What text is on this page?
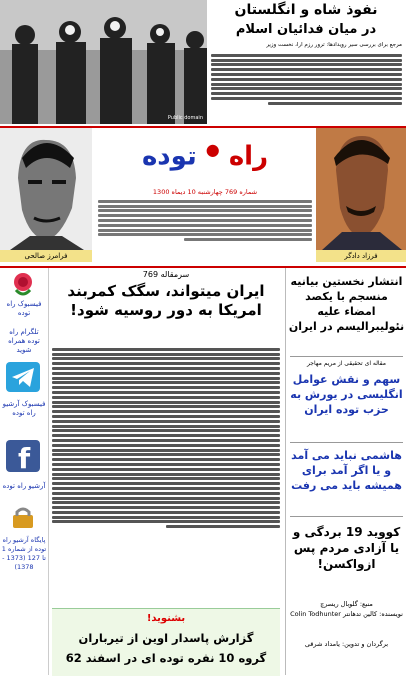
Public domain
نفوذ شاه و انگلستان
در میان فدائیان اسلام
مرجع برای بررسی سیر رویدادها: ترور رزم آرا، نخست وزیر
فرامرز صالحی
راه ● توده
شماره 769 چهارشنبه 10 دیماه 1300
فرزاد دادگر
فیسبوک راه توده
تلگرام راه توده همراه شوید
فیسبوک آرشیو راه توده
f
آرشیو راه توده
پایگاه آرشیو راه توده از شماره 1 تا 127 (1373 - 1378)
سرمقاله 769
ایران میتواند، سگک کمربند امریکا به دور روسیه شود!
بشنوید!
گزارش پاسدار اوین از تیرباران
گروه 10 نفره توده ای در اسفند 62
انتشار نخستین بیانیه منسجم با یکصد امضاء علیه نئولیبرالیسم در ایران
مقاله ای تحقیقی از مریم مهاجر
سهم و نقش عوامل انگلیسی در یورش به حزب توده ایران
هاشمی نباید می آمد و یا اگر آمد برای همیشه باید می رفت
کووید 19 بردگی و یا آزادی مردم پس ازواکسن!
منبع: گلوبال ریسرچ
نویسنده: کالین تدهانتر Colin Todhunter
برگردان و تدوین: یامداد شرقی
